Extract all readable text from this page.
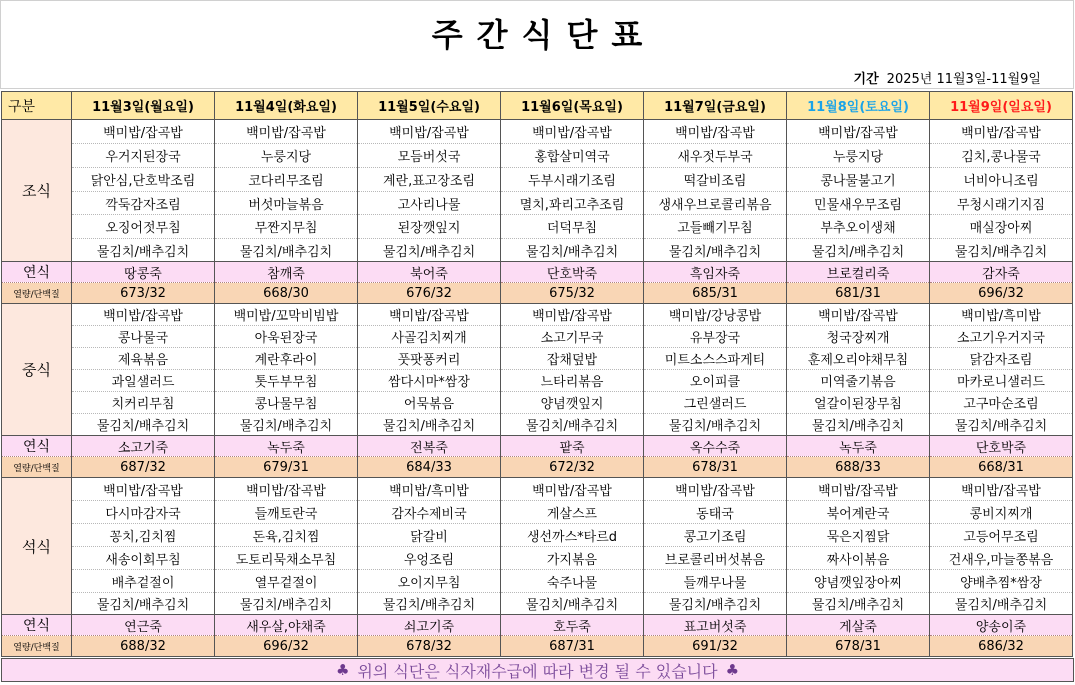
주간식단표
기간 2025년 11월3일-11월9일
구분	11월3일(월요일)	11월4일(화요일)	11월5일(수요일)	11월6일(목요일)	11월7일(금요일)	11월8일(토요일)	11월9일(일요일)
조식	백미밥/잡곡밥	백미밥/잡곡밥	백미밥/잡곡밥	백미밥/잡곡밥	백미밥/잡곡밥	백미밥/잡곡밥	백미밥/잡곡밥
	우거지된장국	누룽지당	모듬버섯국	홍합살미역국	새우젓두부국	누룽지당	김치,콩나물국
	닭안심,단호박조림	코다리무조림	계란,표고장조림	두부시래기조림	떡갈비조림	콩나물불고기	너비아니조림
	깍둑감자조림	버섯마늘볶음	고사리나물	멸치,꽈리고추조림	생새우브로콜리볶음	민물새우무조림	무청시래기지짐
	오징어젓무침	무짠지무침	된장깻잎지	더덕무침	고들빼기무침	부추오이생채	매실장아찌
	물김치/배추김치	물김치/배추김치	물김치/배추김치	물김치/배추김치	물김치/배추김치	물김치/배추김치	물김치/배추김치
연식	땅콩죽	참깨죽	북어죽	단호박죽	흑임자죽	브로컬리죽	감자죽
열량/단백질	673/32	668/30	676/32	675/32	685/31	681/31	696/32
중식	백미밥/잡곡밥	백미밥/꼬막비빔밥	백미밥/잡곡밥	백미밥/잡곡밥	백미밥/강낭콩밥	백미밥/잡곡밥	백미밥/흑미밥
	콩나물국	아욱된장국	사골김치찌개	소고기무국	유부장국	청국장찌개	소고기우거지국
	제육볶음	계란후라이	풋팟퐁커리	잡채덮밥	미트소스스파게티	훈제오리야채무침	닭감자조림
	과일샐러드	톳두부무침	쌈다시마*쌈장	느타리볶음	오이피클	미역줄기볶음	마카로니샐러드
	치커리무침	콩나물무침	어묵볶음	양념깻잎지	그린샐러드	얼갈이된장무침	고구마순조림
	물김치/배추김치	물김치/배추김치	물김치/배추김치	물김치/배추김치	물김치/배추김치	물김치/배추김치	물김치/배추김치
연식	소고기죽	녹두죽	전복죽	팥죽	옥수수죽	녹두죽	단호박죽
열량/단백질	687/32	679/31	684/33	672/32	678/31	688/33	668/31
석식	백미밥/잡곡밥	백미밥/잡곡밥	백미밥/흑미밥	백미밥/잡곡밥	백미밥/잡곡밥	백미밥/잡곡밥	백미밥/잡곡밥
	다시마감자국	들깨토란국	감자수제비국	게살스프	동태국	북어계란국	콩비지찌개
	꽁치,김치찜	돈육,김치찜	닭갈비	생선까스*타르d	콩고기조림	묵은지찜닭	고등어무조림
	새송이회무침	도토리묵채소무침	우엉조림	가지볶음	브로콜리버섯볶음	짜사이볶음	건새우,마늘쫑볶음
	배추겉절이	열무겉절이	오이지무침	숙주나물	들깨무나물	양념깻잎장아찌	양배추찜*쌈장
	물김치/배추김치	물김치/배추김치	물김치/배추김치	물김치/배추김치	물김치/배추김치	물김치/배추김치	물김치/배추김치
연식	연근죽	새우살,야채죽	쇠고기죽	호두죽	표고버섯죽	게살죽	양송이죽
열량/단백질	688/32	696/32	678/32	687/31	691/32	678/31	686/32
♣ 위의 식단은 식자재수급에 따라 변경 될 수 있습니다 ♣
